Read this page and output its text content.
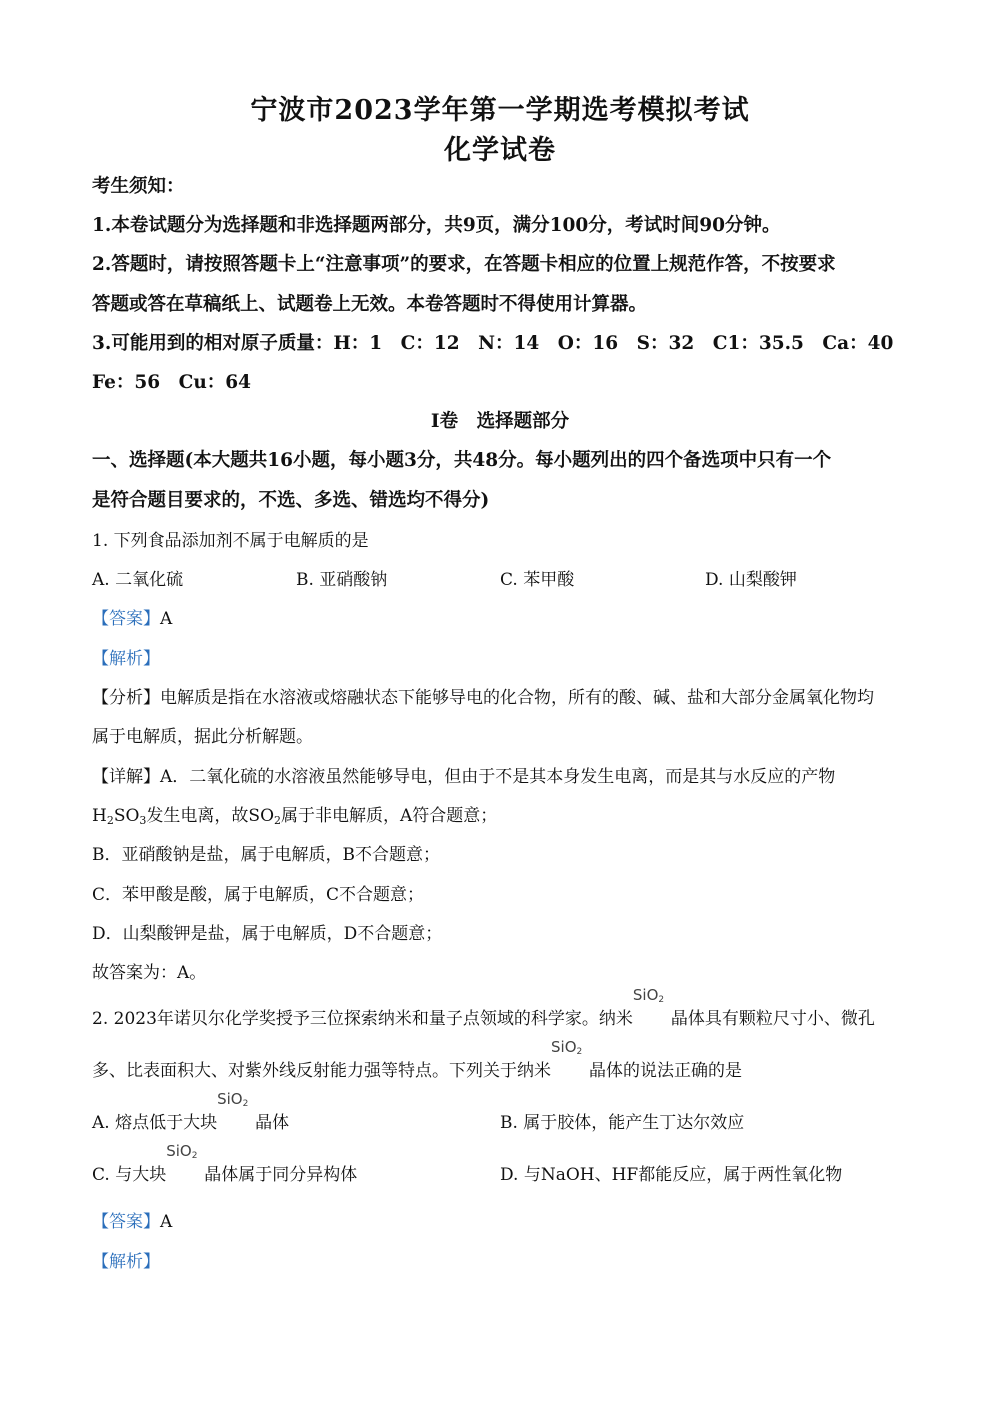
宁波市2023学年第一学期选考模拟考试
化学试卷
考生须知：
1.本卷试题分为选择题和非选择题两部分，共9页，满分100分，考试时间90分钟。
2.答题时，请按照答题卡上“注意事项”的要求，在答题卡相应的位置上规范作答，不按要求
答题或答在草稿纸上、试题卷上无效。本卷答题时不得使用计算器。
3.可能用到的相对原子质量：H：1　C：12　N：14　O：16　S：32　C1：35.5　Ca：40
Fe：56　Cu：64
Ⅰ卷　选择题部分
一、选择题(本大题共16小题，每小题3分，共48分。每小题列出的四个备选项中只有一个
是符合题目要求的，不选、多选、错选均不得分)
1. 下列食品添加剂不属于电解质的是
A. 二氧化硫	B. 亚硝酸钠	C. 苯甲酸	D. 山梨酸钾
【答案】A
【解析】
【分析】电解质是指在水溶液或熔融状态下能够导电的化合物，所有的酸、碱、盐和大部分金属氧化物均
属于电解质，据此分析解题。
【详解】A．二氧化硫的水溶液虽然能够导电，但由于不是其本身发生电离，而是其与水反应的产物
$H_2SO_3$发生电离，故$SO_2$属于非电解质，A符合题意；
B．亚硝酸钠是盐，属于电解质，B不合题意；
C．苯甲酸是酸，属于电解质，C不合题意；
D．山梨酸钾是盐，属于电解质，D不合题意；
故答案为：A。
2. 2023年诺贝尔化学奖授予三位探索纳米和量子点领域的科学家。纳米
SiO$_2$
晶体具有颗粒尺寸小、微孔
多、比表面积大、对紫外线反射能力强等特点。下列关于纳米
SiO$_2$
晶体的说法正确的是
A. 熔点低于大块
SiO$_2$
晶体	B. 属于胶体，能产生丁达尔效应
C. 与大块
SiO$_2$
晶体属于同分异构体	D. 与NaOH、HF都能反应，属于两性氧化物
【答案】A
【解析】
